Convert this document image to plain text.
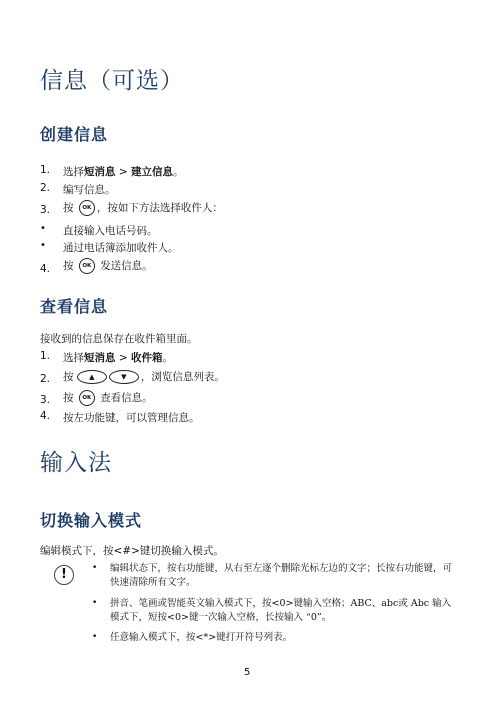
信息（可选）
创建信息
1. 选择短消息 > 建立信息。
2. 编写信息。
3. 按 OK ，按如下方法选择收件人：
• 直接输入电话号码。
• 通过电话簿添加收件人。
4. 按 OK 发送信息。
查看信息
接收到的信息保存在收件箱里面。
1. 选择短消息 > 收件箱。
2. 按 ▲	▼ ，浏览信息列表。
3. 按 OK 查看信息。
4. 按左功能键，可以管理信息。
输入法
切换输入模式
编辑模式下，按<#>键切换输入模式。
!	• 编辑状态下，按右功能键，从右至左逐个删除光标左边的文字；长按右功能键，可快速清除所有文字。
• 拼音、笔画或智能英文输入模式下，按<0>键输入空格；ABC、abc或 Abc 输入模式下，短按<0>键一次输入空格，长按输入 “0”。
• 任意输入模式下，按<*>键打开符号列表。
5
